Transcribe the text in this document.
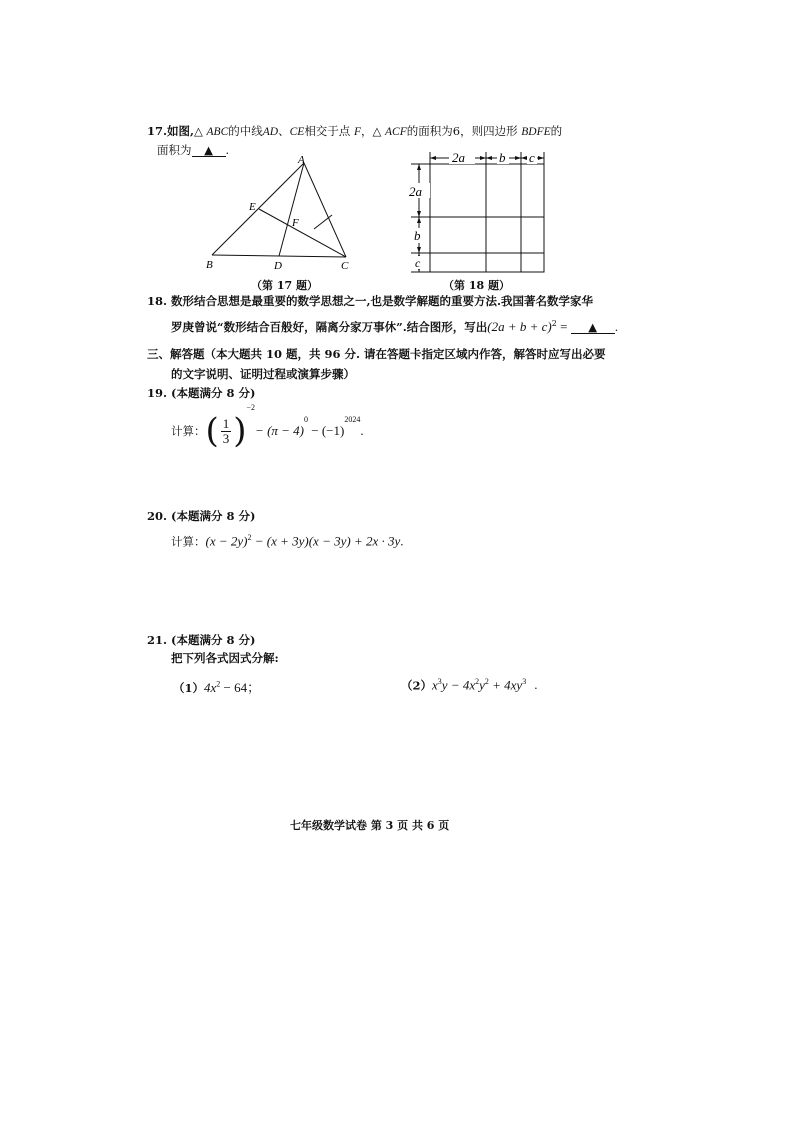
17.如图,△ ABC的中线AD、CE相交于点 F，△ ACF的面积为6，则四边形 BDFE的
面积为 ▲ .
A
E
F
B	D	C
（第 17 题）
2a	b c
2a
b
c
（第 18 题）
18. 数形结合思想是最重要的数学思想之一,也是数学解题的重要方法.我国著名数学家华
罗庚曾说“数形结合百般好，隔离分家万事休”.结合图形，写出$(2a + b + c)^2$ = ▲ .
三、解答题（本大题共 10 题，共 96 分. 请在答题卡指定区域内作答，解答时应写出必要
的文字说明、证明过程或演算步骤）
19. (本题满分 8 分)
计算：( $\frac{1}{3} )^{-2}- (\pi - 4)^0 - (-1)^{2024}$.
20. (本题满分 8 分)
计算：$(x - 2y)^2 - (x + 3y)(x - 3y) + 2x \cdot 3y$.
21. (本题满分 8 分)
把下列各式因式分解:
$(1)4x^2 - 64$；	$(2)x^3y - 4x^2y^2 + 4xy^3$ .
七年级数学试卷 第 3 页 共 6 页
